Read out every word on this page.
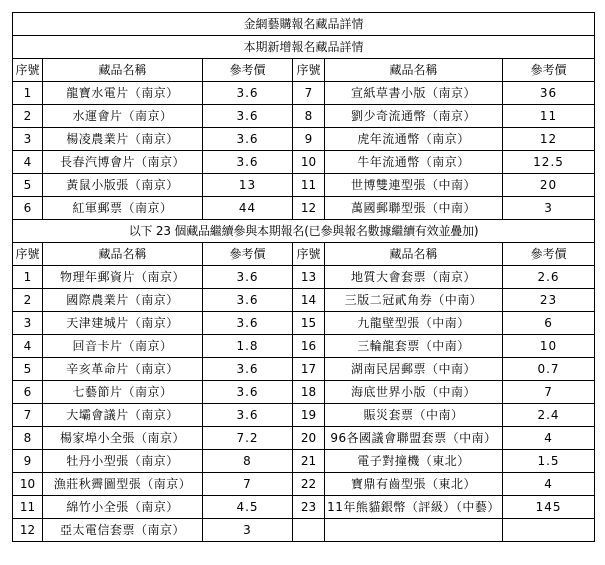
金網藝購報名藏品詳情					
本期新增報名藏品詳情					
序號	藏品名稱	參考價	序號	藏品名稱	參考價
1	龍寶水電片（南京）	3.6	7	宣紙草書小版（南京）	36
2	水運會片（南京）	3.6	8	劉少奇流通幣（南京）	11
3	楊凌農業片（南京）	3.6	9	虎年流通幣（南京）	12
4	長春汽博會片（南京）	3.6	10	牛年流通幣（南京）	12.5
5	黃鼠小版張（南京）	13	11	世博雙連型張（中南）	20
6	紅軍郵票（南京）	44	12	萬國郵聯型張（中南）	3
以下 23 個藏品繼續參與本期報名(已參與報名數據繼續有效並疊加)					
序號	藏品名稱	參考價	序號	藏品名稱	參考價
1	物理年郵資片（南京）	3.6	13	地質大會套票（南京）	2.6
2	國際農業片（南京）	3.6	14	三版二冠貳角券（中南）	23
3	天津建城片（南京）	3.6	15	九龍壁型張（中南）	6
4	回音卡片（南京）	1.8	16	三輪龍套票（中南）	10
5	辛亥革命片（南京）	3.6	17	湖南民居郵票（中南）	0.7
6	七藝節片（南京）	3.6	18	海底世界小版（中南）	7
7	大壩會議片（南京）	3.6	19	賑災套票（中南）	2.4
8	楊家埠小全張（南京）	7.2	20	96各國議會聯盟套票（中南）	4
9	牡丹小型張（南京）	8	21	電子對撞機（東北）	1.5
10	漁莊秋霽圖型張（南京）	7	22	寶鼎有齒型張（東北）	4
11	綿竹小全張（南京）	4.5	23	11年熊貓銀幣（評級）（中藝）	145
12	亞太電信套票（南京）	3			
